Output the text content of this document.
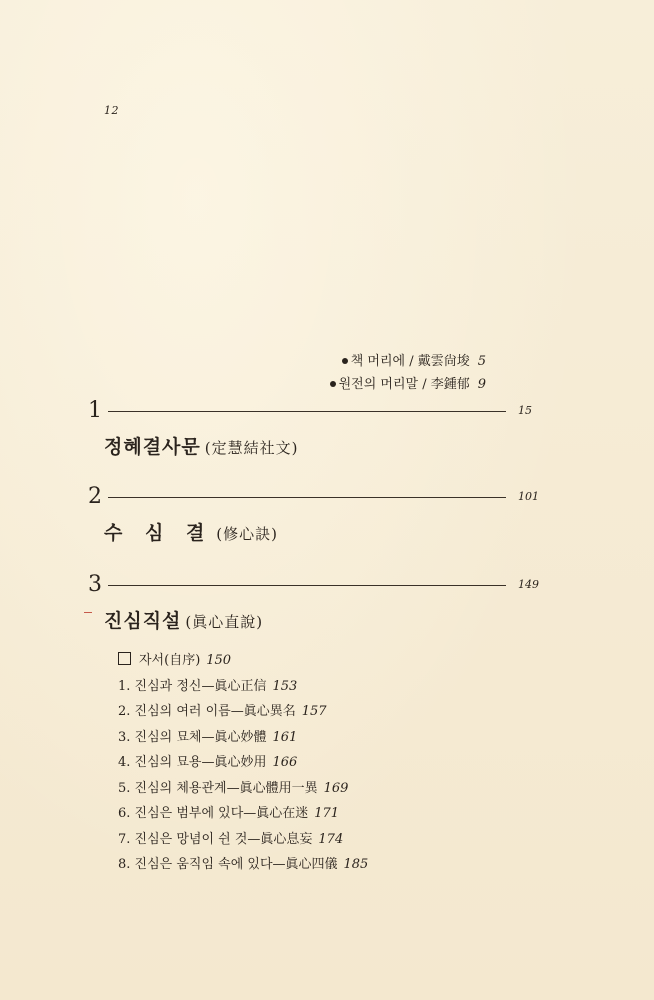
12
책 머리에 / 戴雲尙埈 5
원전의 머리말 / 李鍾郁 9
1	15
정혜결사문 (定慧結社文)
2	101
수 심 결 (修心訣)
3	149
진심직설 (眞心直說)
자서(自序) 150
1. 진심과 정신—眞心正信 153
2. 진심의 여러 이름—眞心異名 157
3. 진심의 묘체—眞心妙體 161
4. 진심의 묘용—眞心妙用 166
5. 진심의 체용관계—眞心體用一異 169
6. 진심은 범부에 있다—眞心在迷 171
7. 진심은 망념이 쉰 것—眞心息妄 174
8. 진심은 움직임 속에 있다—眞心四儀 185
